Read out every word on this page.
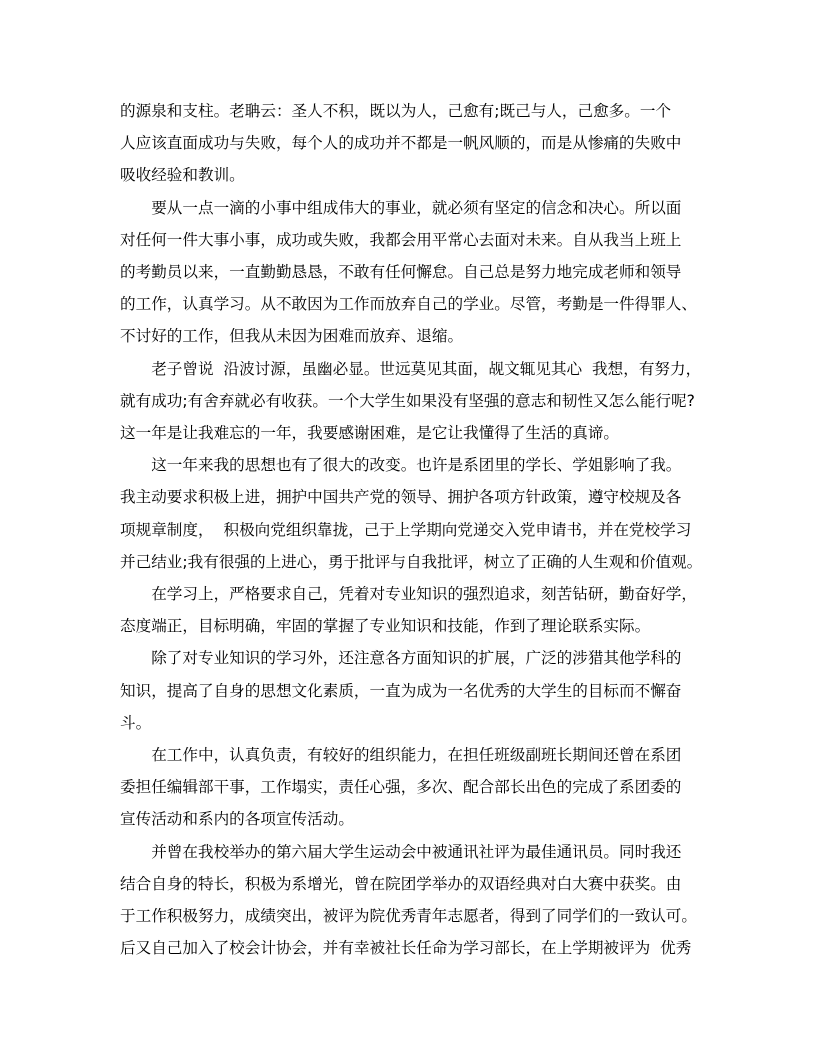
的源泉和支柱。老聃云：圣人不积，既以为人，己愈有;既己与人，己愈多。一个
人应该直面成功与失败，每个人的成功并不都是一帆风顺的，而是从惨痛的失败中
吸收经验和教训。

要从一点一滴的小事中组成伟大的事业，就必须有坚定的信念和决心。所以面
对任何一件大事小事，成功或失败，我都会用平常心去面对未来。自从我当上班上
的考勤员以来，一直勤勤恳恳，不敢有任何懈怠。自己总是努力地完成老师和领导
的工作，认真学习。从不敢因为工作而放弃自己的学业。尽管，考勤是一件得罪人、
不讨好的工作，但我从未因为困难而放弃、退缩。

老子曾说  沿波讨源，虽幽必显。世远莫见其面，觇文辄见其心  我想，有努力，
就有成功;有舍弃就必有收获。一个大学生如果没有坚强的意志和韧性又怎么能行呢?
这一年是让我难忘的一年，我要感谢困难，是它让我懂得了生活的真谛。

这一年来我的思想也有了很大的改变。也许是系团里的学长、学姐影响了我。
我主动要求积极上进，拥护中国共产党的领导、拥护各项方针政策，遵守校规及各
项规章制度，  积极向党组织靠拢，己于上学期向党递交入党申请书，并在党校学习
并己结业;我有很强的上进心，勇于批评与自我批评，树立了正确的人生观和价值观。

在学习上，严格要求自己，凭着对专业知识的强烈追求，刻苦钻研，勤奋好学，
态度端正，目标明确，牢固的掌握了专业知识和技能，作到了理论联系实际。

除了对专业知识的学习外，还注意各方面知识的扩展，广泛的涉猎其他学科的
知识，提高了自身的思想文化素质，一直为成为一名优秀的大学生的目标而不懈奋
斗。

在工作中，认真负责，有较好的组织能力，在担任班级副班长期间还曾在系团
委担任编辑部干事，工作塌实，责任心强，多次、配合部长出色的完成了系团委的
宣传活动和系内的各项宣传活动。

并曾在我校举办的第六届大学生运动会中被通讯社评为最佳通讯员。同时我还
结合自身的特长，积极为系增光，曾在院团学举办的双语经典对白大赛中获奖。由
于工作积极努力，成绩突出，被评为院优秀青年志愿者，得到了同学们的一致认可。
后又自己加入了校会计协会，并有幸被社长任命为学习部长，在上学期被评为  优秀
